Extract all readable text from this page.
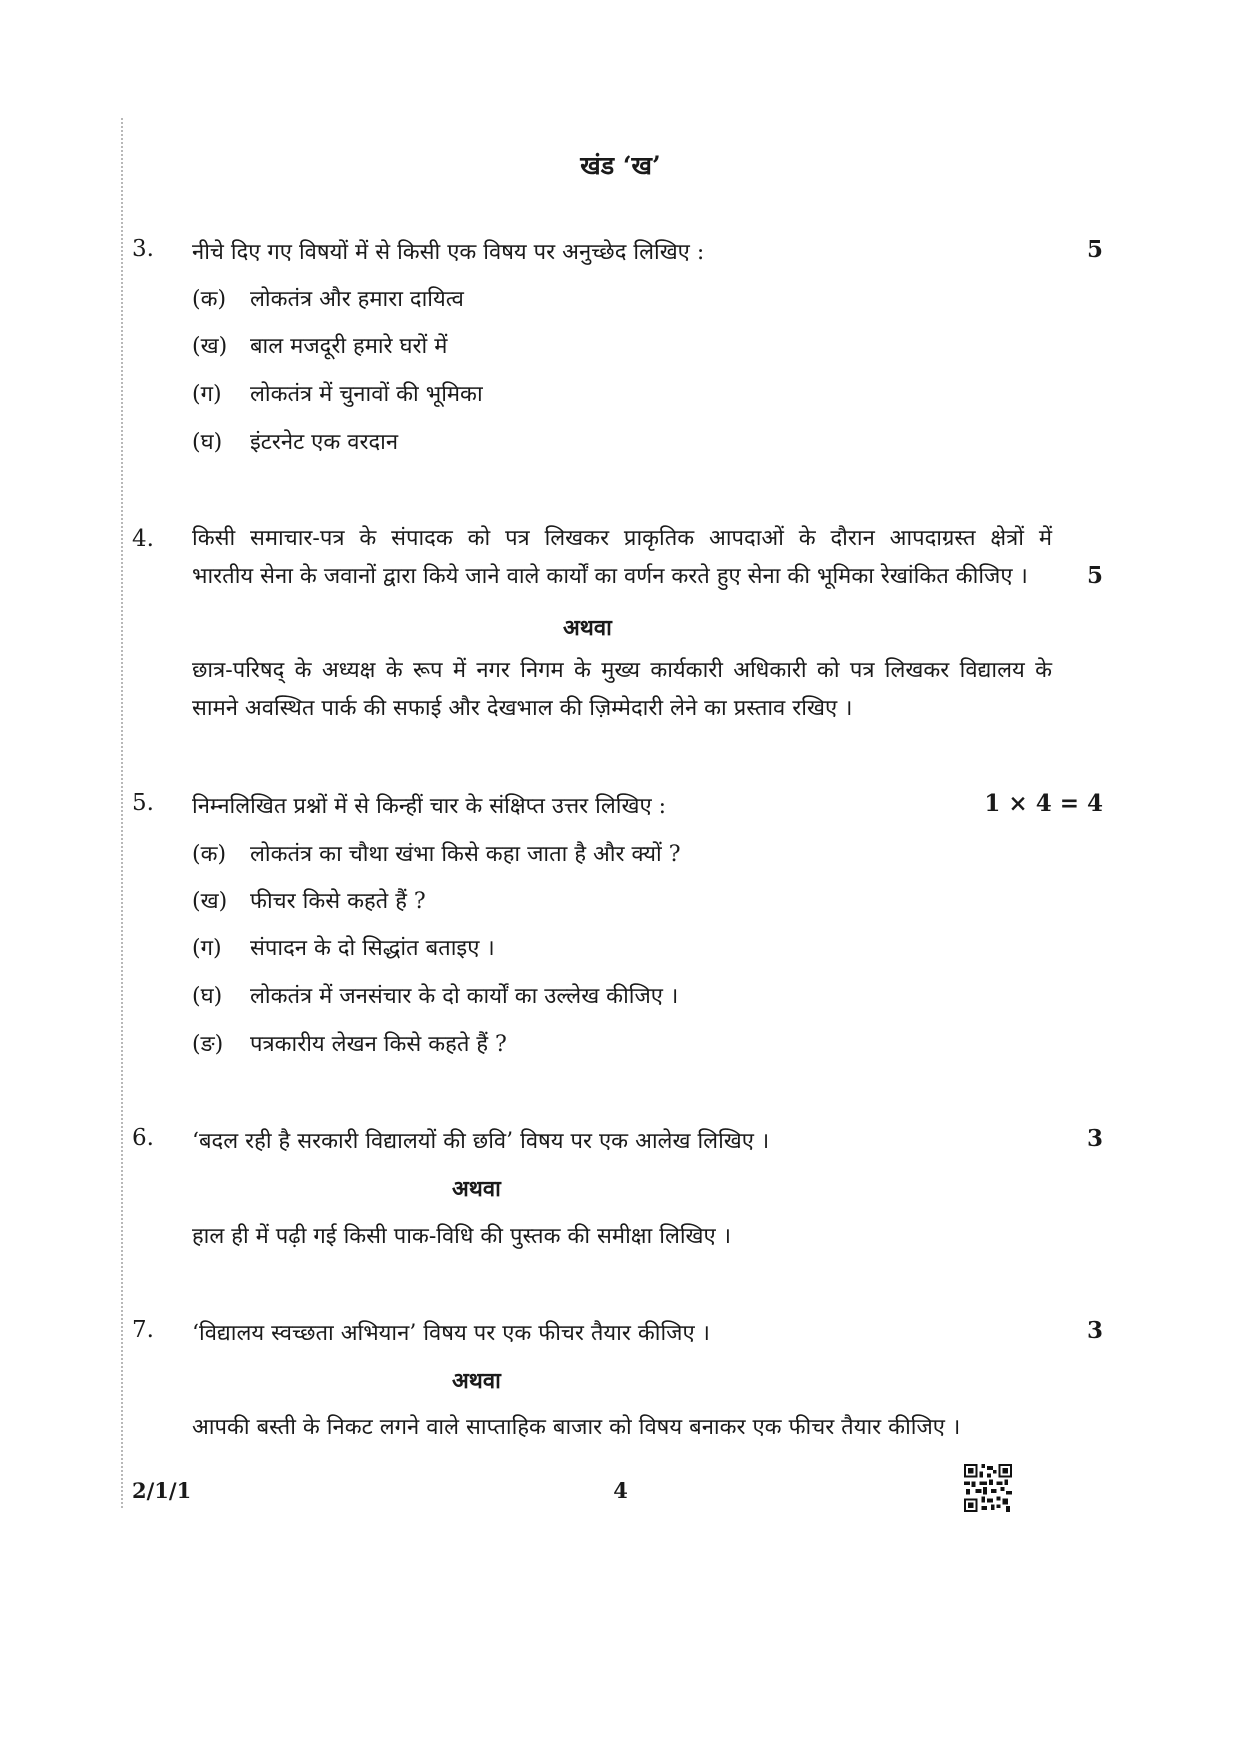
खंड ‘ख’
3. नीचे दिए गए विषयों में से किसी एक विषय पर अनुच्छेद लिखिए :	5
(क) लोकतंत्र और हमारा दायित्व
(ख) बाल मजदूरी हमारे घरों में
(ग) लोकतंत्र में चुनावों की भूमिका
(घ) इंटरनेट एक वरदान
4. किसी समाचार-पत्र के संपादक को पत्र लिखकर प्राकृतिक आपदाओं के दौरान आपदाग्रस्त क्षेत्रों में
भारतीय सेना के जवानों द्वारा किये जाने वाले कार्यों का वर्णन करते हुए सेना की भूमिका रेखांकित कीजिए ।	5
अथवा
छात्र-परिषद् के अध्यक्ष के रूप में नगर निगम के मुख्य कार्यकारी अधिकारी को पत्र लिखकर विद्यालय के
सामने अवस्थित पार्क की सफाई और देखभाल की ज़िम्मेदारी लेने का प्रस्ताव रखिए ।
5. निम्नलिखित प्रश्नों में से किन्हीं चार के संक्षिप्त उत्तर लिखिए :	1 × 4 = 4
(क) लोकतंत्र का चौथा खंभा किसे कहा जाता है और क्यों ?
(ख) फीचर किसे कहते हैं ?
(ग) संपादन के दो सिद्धांत बताइए ।
(घ) लोकतंत्र में जनसंचार के दो कार्यों का उल्लेख कीजिए ।
(ङ) पत्रकारीय लेखन किसे कहते हैं ?
6. ‘बदल रही है सरकारी विद्यालयों की छवि’ विषय पर एक आलेख लिखिए ।	3
अथवा
हाल ही में पढ़ी गई किसी पाक-विधि की पुस्तक की समीक्षा लिखिए ।
7. ‘विद्यालय स्वच्छता अभियान’ विषय पर एक फीचर तैयार कीजिए ।	3
अथवा
आपकी बस्ती के निकट लगने वाले साप्ताहिक बाजार को विषय बनाकर एक फीचर तैयार कीजिए ।
2/1/1	4
